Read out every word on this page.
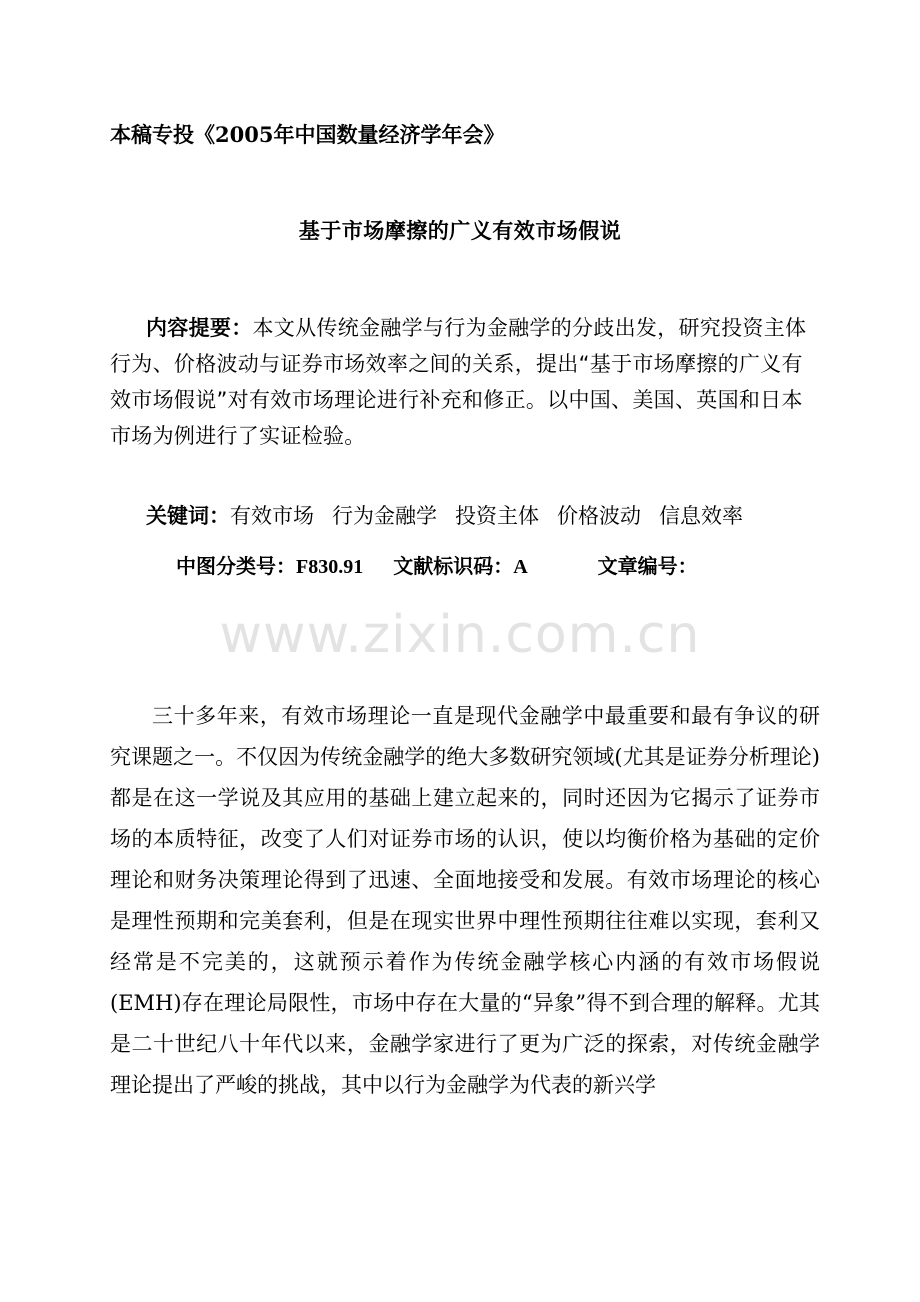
本稿专投《2005年中国数量经济学年会》
基于市场摩擦的广义有效市场假说
内容提要：本文从传统金融学与行为金融学的分歧出发，研究投资主体行为、价格波动与证券市场效率之间的关系，提出“基于市场摩擦的广义有效市场假说”对有效市场理论进行补充和修正。以中国、美国、英国和日本市场为例进行了实证检验。
关键词：有效市场 行为金融学 投资主体 价格波动 信息效率
中图分类号：F830.91 文献标识码：A	文章编号：
www.zixin.com.cn
三十多年来，有效市场理论一直是现代金融学中最重要和最有争议的研究课题之一。不仅因为传统金融学的绝大多数研究领域(尤其是证券分析理论)都是在这一学说及其应用的基础上建立起来的，同时还因为它揭示了证券市场的本质特征，改变了人们对证券市场的认识，使以均衡价格为基础的定价理论和财务决策理论得到了迅速、全面地接受和发展。有效市场理论的核心是理性预期和完美套利，但是在现实世界中理性预期往往难以实现，套利又经常是不完美的，这就预示着作为传统金融学核心内涵的有效市场假说(EMH)存在理论局限性，市场中存在大量的“异象”得不到合理的解释。尤其是二十世纪八十年代以来，金融学家进行了更为广泛的探索，对传统金融学理论提出了严峻的挑战，其中以行为金融学为代表的新兴学
